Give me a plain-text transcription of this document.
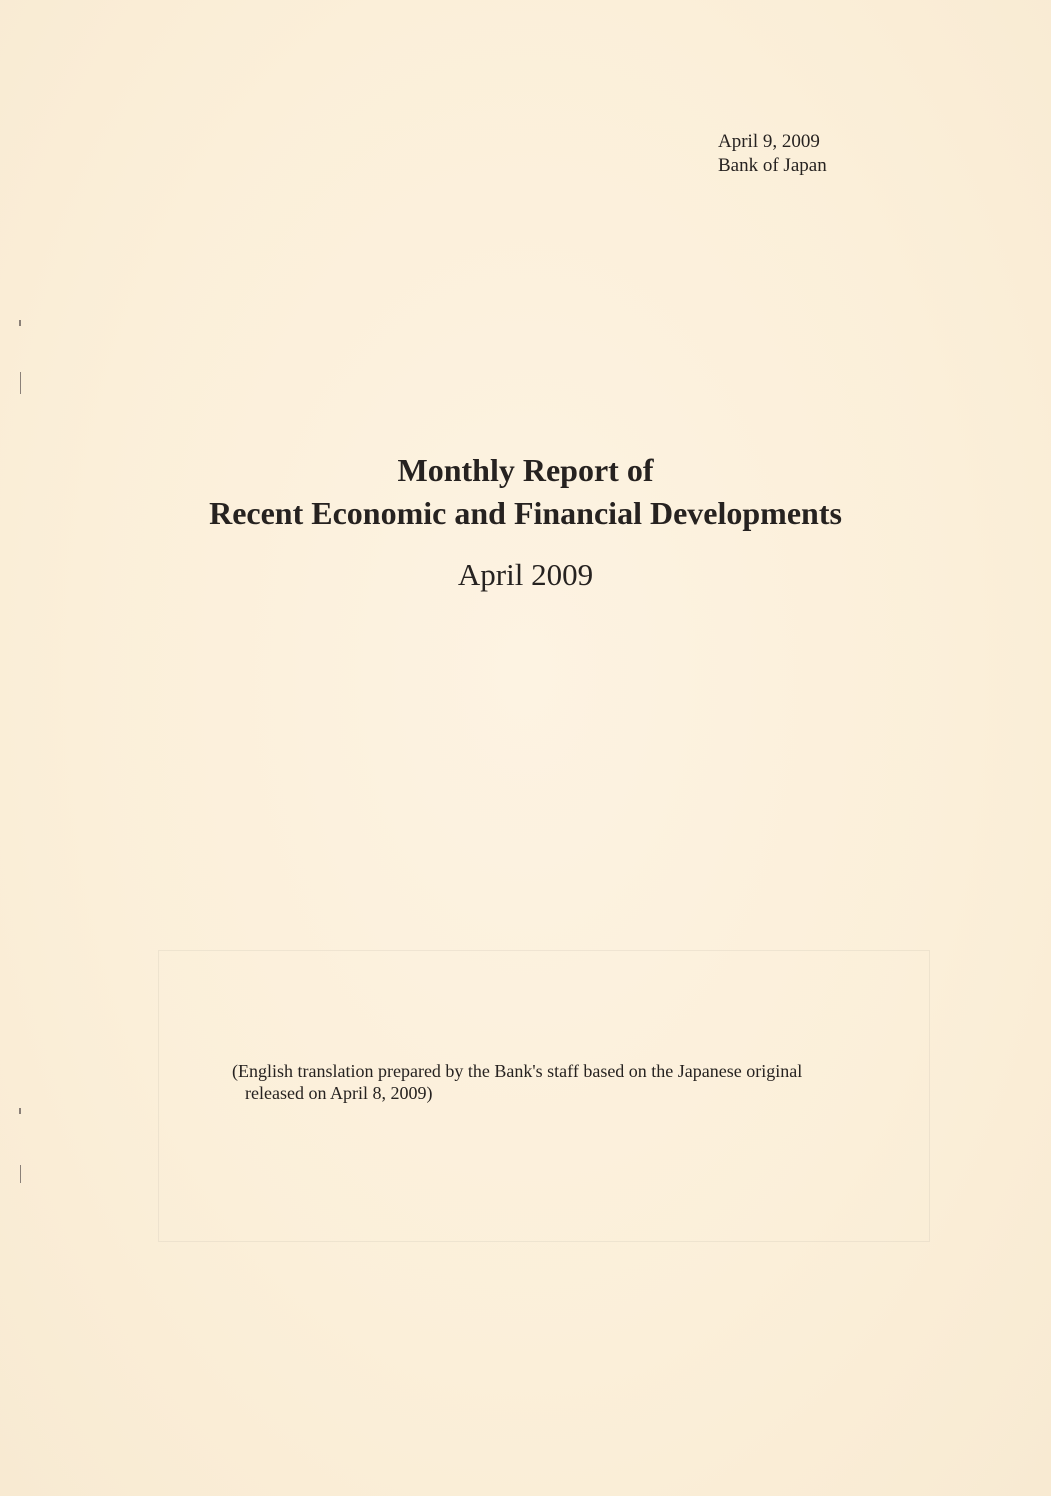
April 9, 2009
Bank of Japan
Monthly Report of
Recent Economic and Financial Developments
April 2009
(English translation prepared by the Bank's staff based on the Japanese original
released on April 8, 2009)
